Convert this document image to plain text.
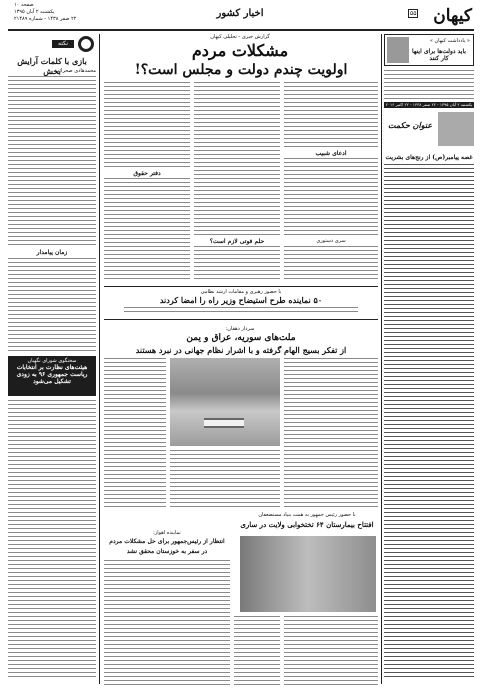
کیهان
۵۵
اخبار کشور
صفحه ۱۰
یکشنبه ۲ آبان ۱۳۹۵
۲۲ صفر ۱۴۳۸ - شماره ۲۱۴۸۹
نکته
بازی با کلمات آرایش بخش
محمدهادی صحرائی
زمان پیامدار
سخنگوی شورای نگهبان
هیئت‌های نظارت بر انتخابات ریاست جمهوری ۹۶ به زودی تشکیل می‌شود
« یادداشت کیهان »
باید دولت‌ها برای اینها کار کنند
یکشنبه ۲ آبان ۱۳۹۵ - ۲۲ صفر ۱۴۳۸ - ۲۲ اکتبر ۲۰۱۶
عنوان حکمت
غصه پیامبر(ص) از رنج‌های بشریت
گزارش خبری - تحلیلی کیهان
مشکلات مردم
اولویت چندم دولت و مجلس است؟!
ادعای شبیب
دفتر حقوق
حلم فوتی لازم است؟	سری دستوری
با حضور رهبری و مقامات ارشد نظامی
۵۰ نماینده طرح استیضاح وزیر راه را امضا کردند
سردار دهقان:
ملت‌های سوریه، عراق و یمن
از تفکر بسیج الهام گرفته و با اشرار نظام جهانی در نبرد هستند
با حضور رئیس جمهور به همت بنیاد مستضعفان
افتتاح بیمارستان ۶۴ تختخوابی ولایت در ساری
نماینده اهواز:
انتظار از رئیس‌جمهور برای حل مشکلات مردم
در سفر به خوزستان محقق نشد
